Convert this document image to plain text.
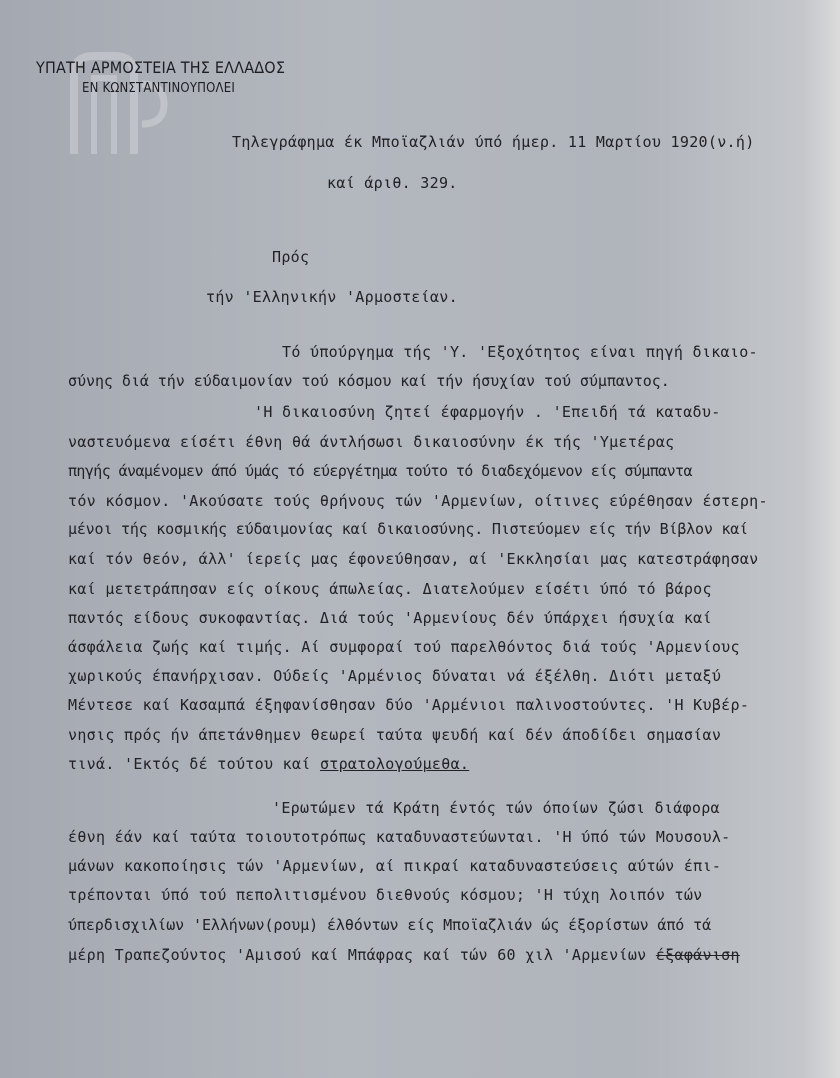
ΥΠΑΤΗ ΑΡΜΟΣΤΕΙΑ ΤΗΣ ΕΛΛΑΔΟΣ
ΕΝ ΚΩΝΣΤΑΝΤΙΝΟΥΠΟΛΕΙ
Τηλεγράφημα έκ Μποϊαζλιάν ύπό ήμερ. 11 Μαρτίου 1920(ν.ή)
καί άριθ. 329.
Πρός
τήν 'Ελληνικήν 'Αρμοστείαν.
Τό ύπούργημα τής 'Υ. 'Εξοχότητος είναι πηγή δικαιο-
σύνης διά τήν εύδαιμονίαν τού κόσμου καί τήν ήσυχίαν τού σύμπαντος.
'Η δικαιοσύνη ζητεί έφαρμογήν . 'Επειδή τά καταδυ-
ναστευόμενα είσέτι έθνη θά άντλήσωσι δικαιοσύνην έκ τής 'Υμετέρας
πηγής άναμένομεν άπό ύμάς τό εύεργέτημα τούτο τό διαδεχόμενον είς σύμπαντα
τόν κόσμον. 'Ακούσατε τούς θρήνους τών 'Αρμενίων, οίτινες εύρέθησαν έστερη-
μένοι τής κοσμικής εύδαιμονίας καί δικαιοσύνης. Πιστεύομεν είς τήν Βίβλον καί
καί τόν θεόν, άλλ' ίερείς μας έφονεύθησαν, αί 'Εκκλησίαι μας κατεστράφησαν
καί μετετράπησαν είς οίκους άπωλείας. Διατελούμεν είσέτι ύπό τό βάρος
παντός είδους συκοφαντίας. Διά τούς 'Αρμενίους δέν ύπάρχει ήσυχία καί
άσφάλεια ζωής καί τιμής. Αί συμφοραί τού παρελθόντος διά τούς 'Αρμενίους
χωρικούς έπανήρχισαν. Ούδείς 'Αρμένιος δύναται νά έξέλθη. Διότι μεταξύ
Μέντεσε καί Κασαμπά έξηφανίσθησαν δύο 'Αρμένιοι παλινοστούντες. 'Η Κυβέρ-
νησις πρός ήν άπετάνθημεν θεωρεί ταύτα ψευδή καί δέν άποδίδει σημασίαν
τινά. 'Εκτός δέ τούτου καί στρατολογούμεθα.
'Ερωτώμεν τά Κράτη έντός τών όποίων ζώσι διάφορα
έθνη έάν καί ταύτα τοιουτοτρόπως καταδυναστεύωνται. 'Η ύπό τών Μουσουλ-
μάνων κακοποίησις τών 'Αρμενίων, αί πικραί καταδυναστεύσεις αύτών έπι-
τρέπονται ύπό τού πεπολιτισμένου διεθνούς κόσμου; 'Η τύχη λοιπόν τών
ύπερδισχιλίων 'Ελλήνων(ρουμ) έλθόντων είς Μποϊαζλιάν ώς έξορίστων άπό τά
μέρη Τραπεζούντος 'Αμισού καί Μπάφρας καί τών 60 χιλ 'Αρμενίων έξαφάνιση
